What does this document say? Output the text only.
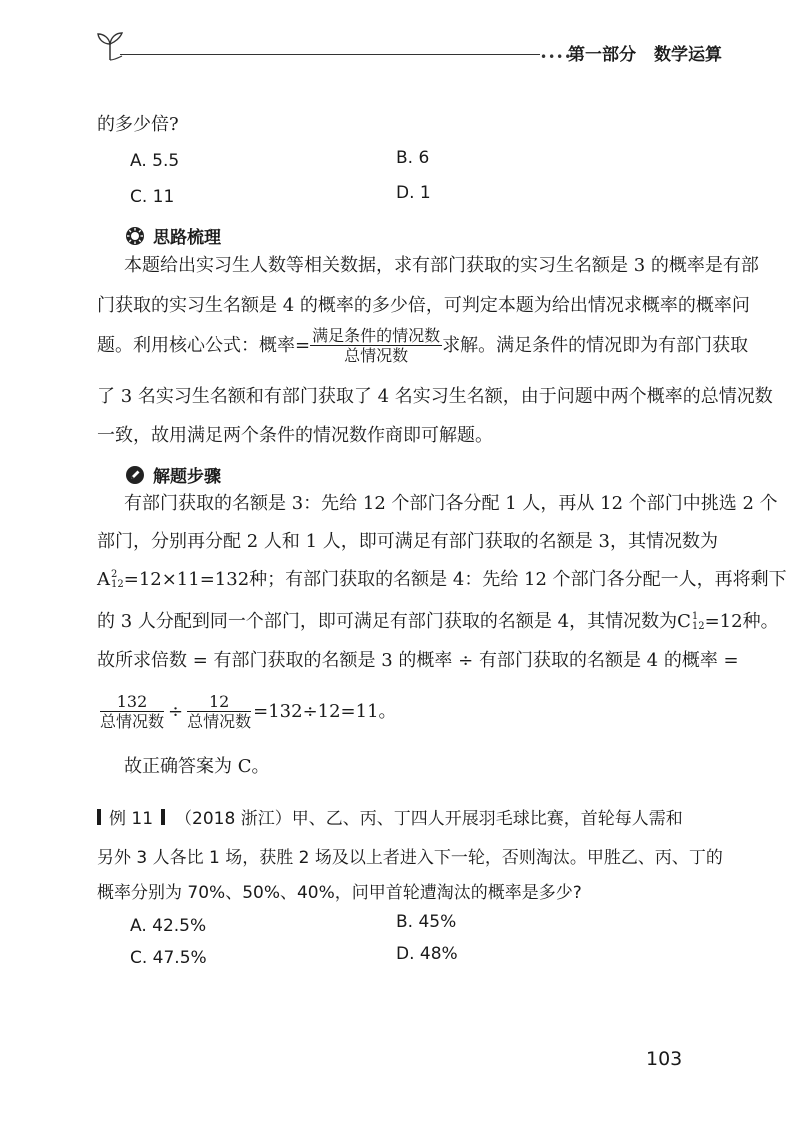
••••
第一部分 数学运算
的多少倍?
A. 5.5	B. 6
C. 11	D. 1
思路梳理
本题给出实习生人数等相关数据，求有部门获取的实习生名额是 3 的概率是有部
门获取的实习生名额是 4 的概率的多少倍，可判定本题为给出情况求概率的概率问
题。利用核心公式：概率= $\frac{\text{满足条件的情况数}}{\text{总情况数}}$ 求解。满足条件的情况即为有部门获取
了 3 名实习生名额和有部门获取了 4 名实习生名额，由于问题中两个概率的总情况数
一致，故用满足两个条件的情况数作商即可解题。
解题步骤
有部门获取的名额是 3：先给 12 个部门各分配 1 人，再从 12 个部门中挑选 2 个
部门，分别再分配 2 人和 1 人，即可满足有部门获取的名额是 3，其情况数为
A 2
12 =12×11=132种；有部门获取的名额是 4：先给 12 个部门各分配一人，再将剩下
的 3 人分配到同一个部门，即可满足有部门获取的名额是 4，其情况数为C 1
12 =12种。
故所求倍数 = 有部门获取的名额是 3 的概率 ÷ 有部门获取的名额是 4 的概率 =
$\frac{132}{\text{总情况数}} \div \frac{12}{\text{总情况数}} =132\div 12=11$。
故正确答案为 C。
例 11 （2018 浙江）甲、乙、丙、丁四人开展羽毛球比赛，首轮每人需和
另外 3 人各比 1 场，获胜 2 场及以上者进入下一轮，否则淘汰。甲胜乙、丙、丁的
概率分别为 70%、50%、40%，问甲首轮遭淘汰的概率是多少?
A. 42.5%	B. 45%
C. 47.5%	D. 48%
103
